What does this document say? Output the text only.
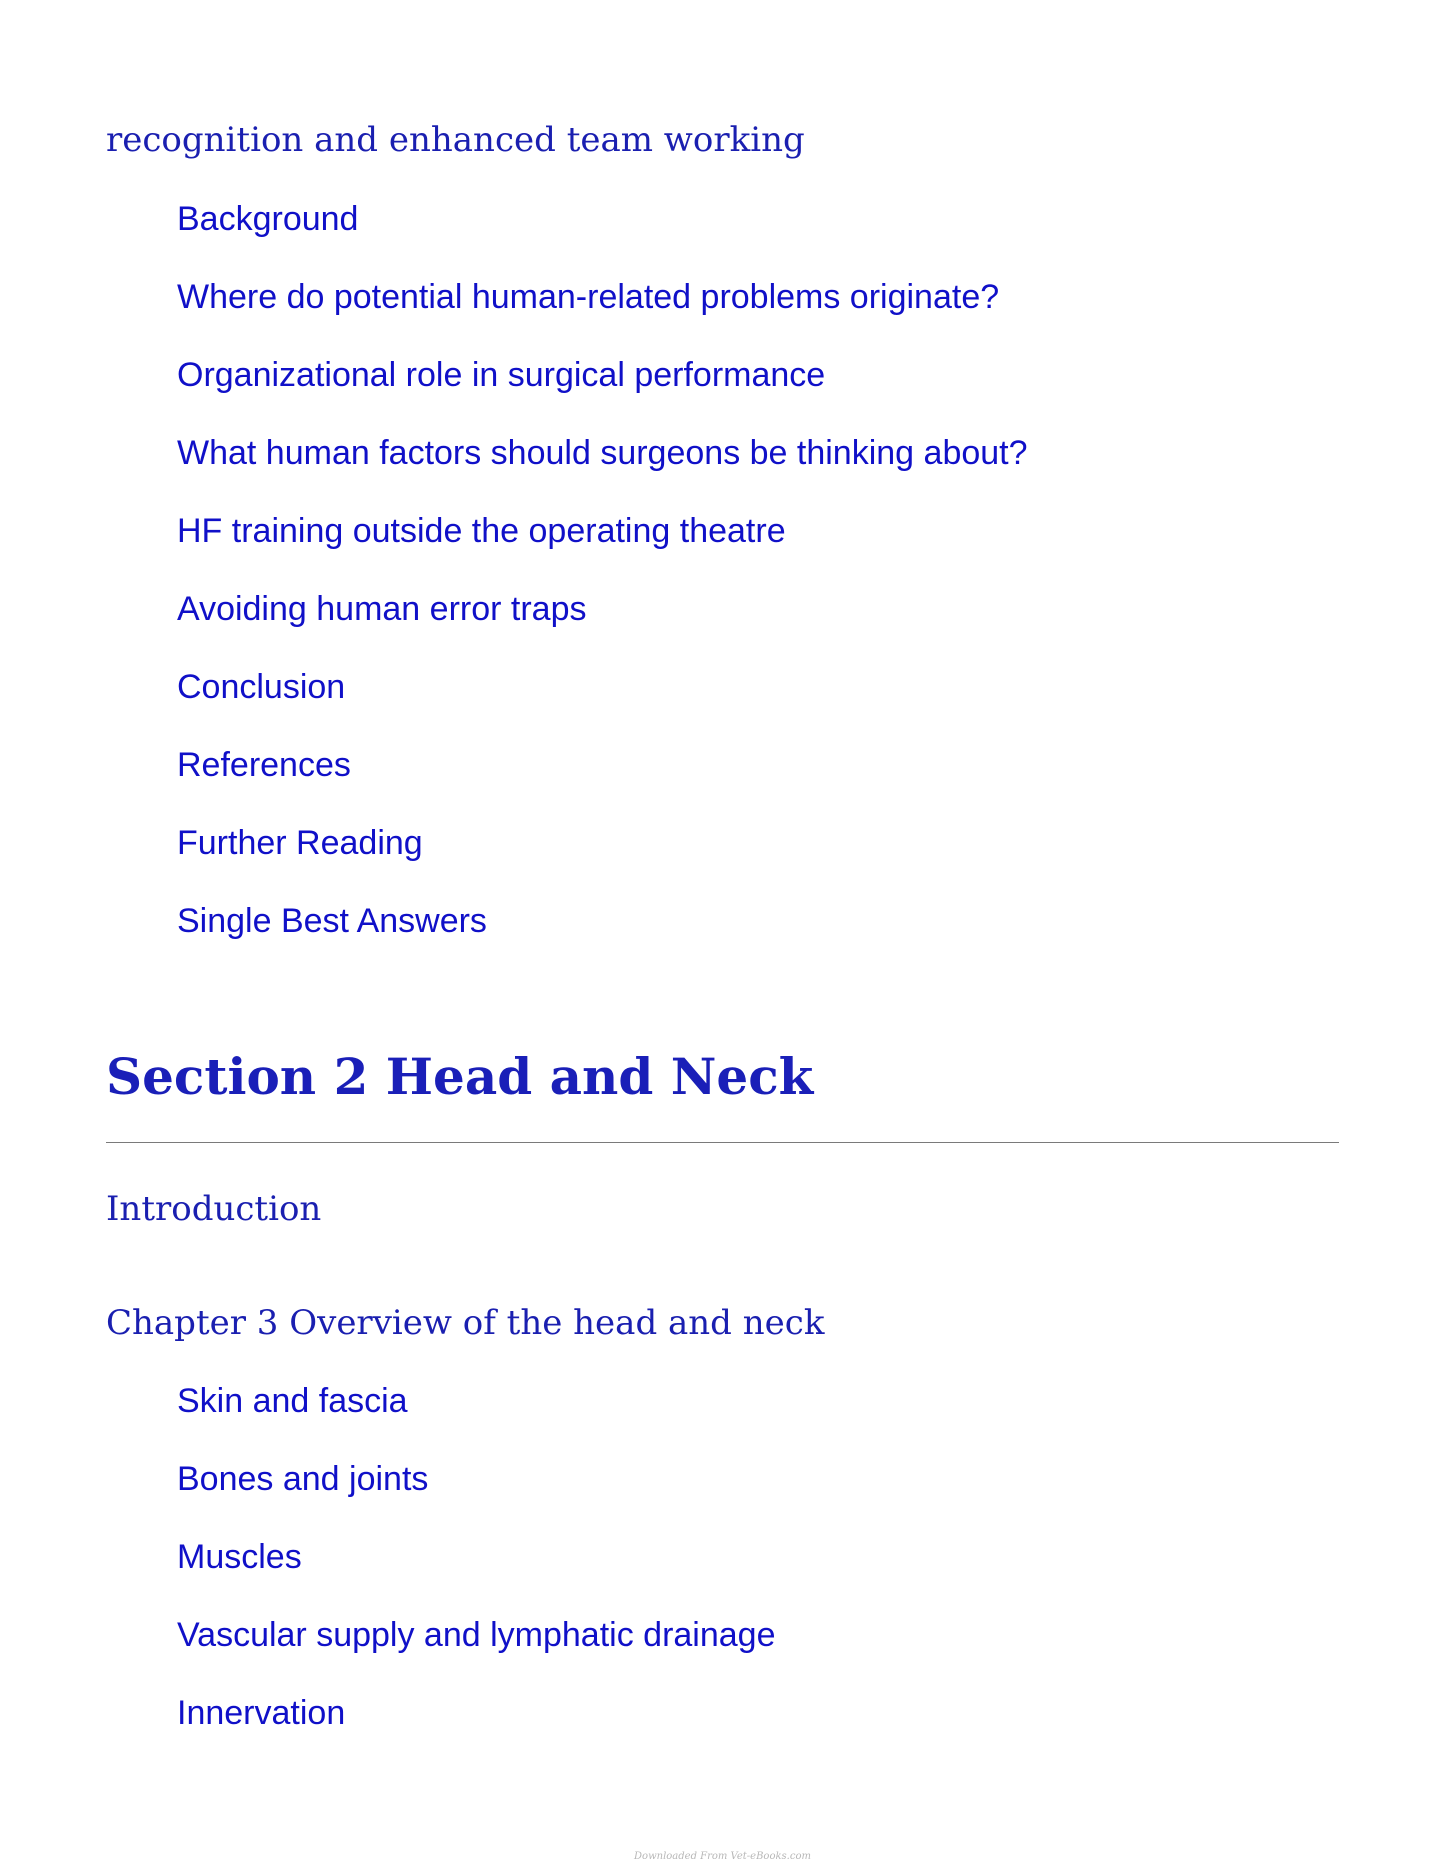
recognition and enhanced team working
Background
Where do potential human-related problems originate?
Organizational role in surgical performance
What human factors should surgeons be thinking about?
HF training outside the operating theatre
Avoiding human error traps
Conclusion
References
Further Reading
Single Best Answers
Section 2 Head and Neck
Introduction
Chapter 3 Overview of the head and neck
Skin and fascia
Bones and joints
Muscles
Vascular supply and lymphatic drainage
Innervation
Downloaded From Vet-eBooks.com
